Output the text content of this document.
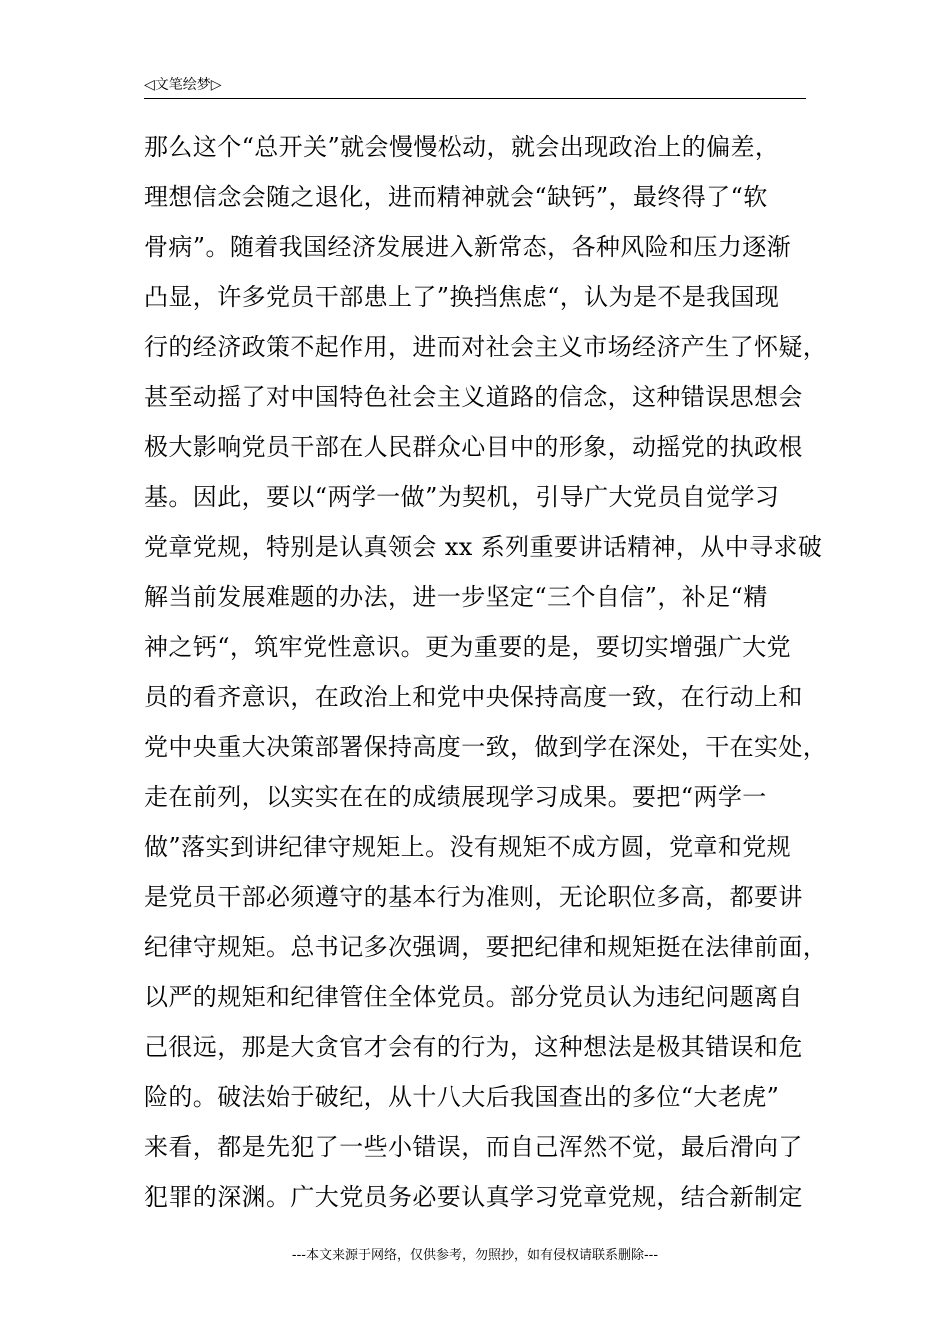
◁文笔绘梦▷
那么这个“总开关”就会慢慢松动，就会出现政治上的偏差，
理想信念会随之退化，进而精神就会“缺钙”，最终得了“软
骨病”。随着我国经济发展进入新常态，各种风险和压力逐渐
凸显，许多党员干部患上了”换挡焦虑“，认为是不是我国现
行的经济政策不起作用，进而对社会主义市场经济产生了怀疑，
甚至动摇了对中国特色社会主义道路的信念，这种错误思想会
极大影响党员干部在人民群众心目中的形象，动摇党的执政根
基。因此，要以“两学一做”为契机，引导广大党员自觉学习
党章党规，特别是认真领会 xx 系列重要讲话精神，从中寻求破
解当前发展难题的办法，进一步坚定“三个自信”，补足“精
神之钙“，筑牢党性意识。更为重要的是，要切实增强广大党
员的看齐意识，在政治上和党中央保持高度一致，在行动上和
党中央重大决策部署保持高度一致，做到学在深处，干在实处，
走在前列，以实实在在的成绩展现学习成果。要把“两学一
做”落实到讲纪律守规矩上。没有规矩不成方圆，党章和党规
是党员干部必须遵守的基本行为准则，无论职位多高，都要讲
纪律守规矩。总书记多次强调，要把纪律和规矩挺在法律前面，
以严的规矩和纪律管住全体党员。部分党员认为违纪问题离自
己很远，那是大贪官才会有的行为，这种想法是极其错误和危
险的。破法始于破纪，从十八大后我国查出的多位“大老虎”
来看，都是先犯了一些小错误，而自己浑然不觉，最后滑向了
犯罪的深渊。广大党员务必要认真学习党章党规，结合新制定
---本文来源于网络，仅供参考，勿照抄，如有侵权请联系删除---
